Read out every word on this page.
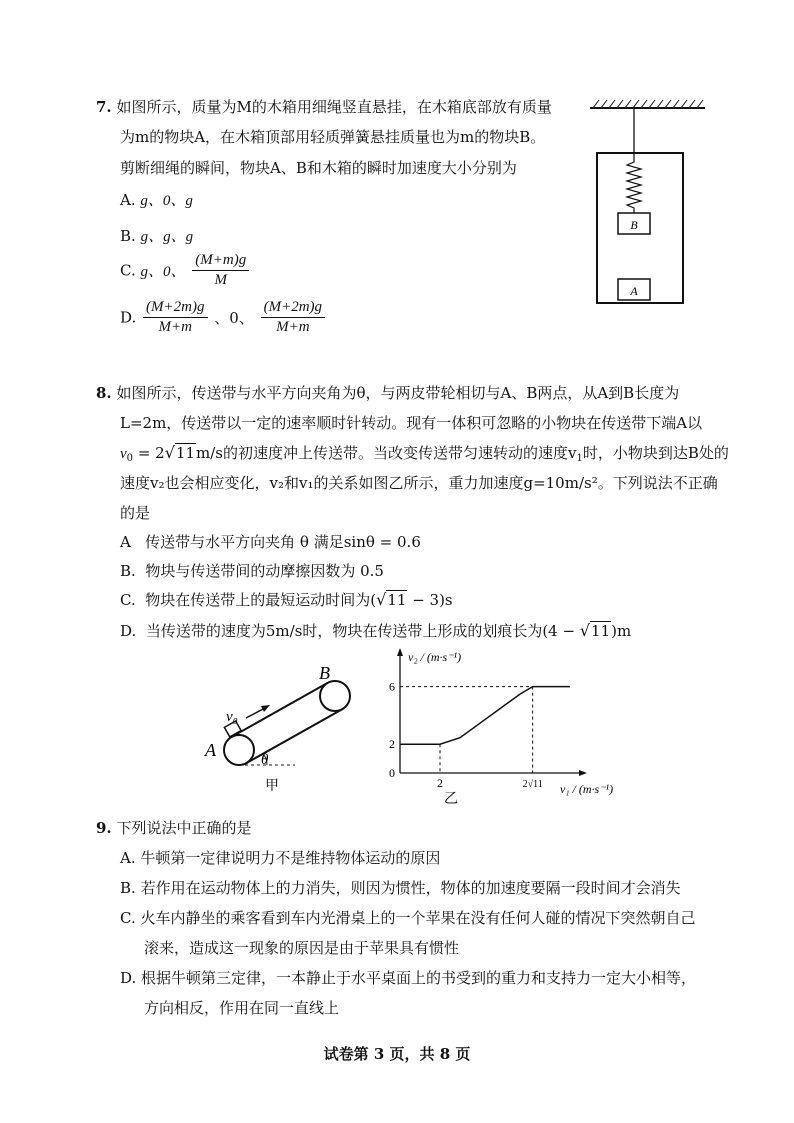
7. 如图所示，质量为M的木箱用细绳竖直悬挂，在木箱底部放有质量
为m的物块A，在木箱顶部用轻质弹簧悬挂质量也为m的物块B。
剪断细绳的瞬间，物块A、B和木箱的瞬时加速度大小分别为
A. g、0、g
B. g、g、g
C. g、0、 $\frac{(M+m)g}{M}$
D. $\frac{(M+2m)g}{M+m}$ 、0、 $\frac{(M+2m)g}{M+m}$
B
A
8. 如图所示，传送带与水平方向夹角为θ，与两皮带轮相切与A、B两点，从A到B长度为
L=2m，传送带以一定的速率顺时针转动。现有一体积可忽略的小物块在传送带下端A以
$v_0 = 2√11m/s$的初速度冲上传送带。当改变传送带匀速转动的速度$v_1$时，小物块到达B处的
速度v₂也会相应变化，v₂和v₁的关系如图乙所示，重力加速度g=10m/s²。下列说法不正确
的是
A 传送带与水平方向夹角 θ 满足sinθ = 0.6
B. 物块与传送带间的动摩擦因数为 0.5
C. 物块在传送带上的最短运动时间为(√11 − 3)s
D. 当传送带的速度为5m/s时，物块在传送带上形成的划痕长为(4 − √11)m
v₀
θ
A
B
甲
6
2
0
2	2√11
v₂ / (m·s⁻¹)
v₁ / (m·s⁻¹)
乙
9. 下列说法中正确的是
A. 牛顿第一定律说明力不是维持物体运动的原因
B. 若作用在运动物体上的力消失，则因为惯性，物体的加速度要隔一段时间才会消失
C. 火车内静坐的乘客看到车内光滑桌上的一个苹果在没有任何人碰的情况下突然朝自己
滚来，造成这一现象的原因是由于苹果具有惯性
D. 根据牛顿第三定律，一本静止于水平桌面上的书受到的重力和支持力一定大小相等，
方向相反，作用在同一直线上
试卷第 3 页，共 8 页
